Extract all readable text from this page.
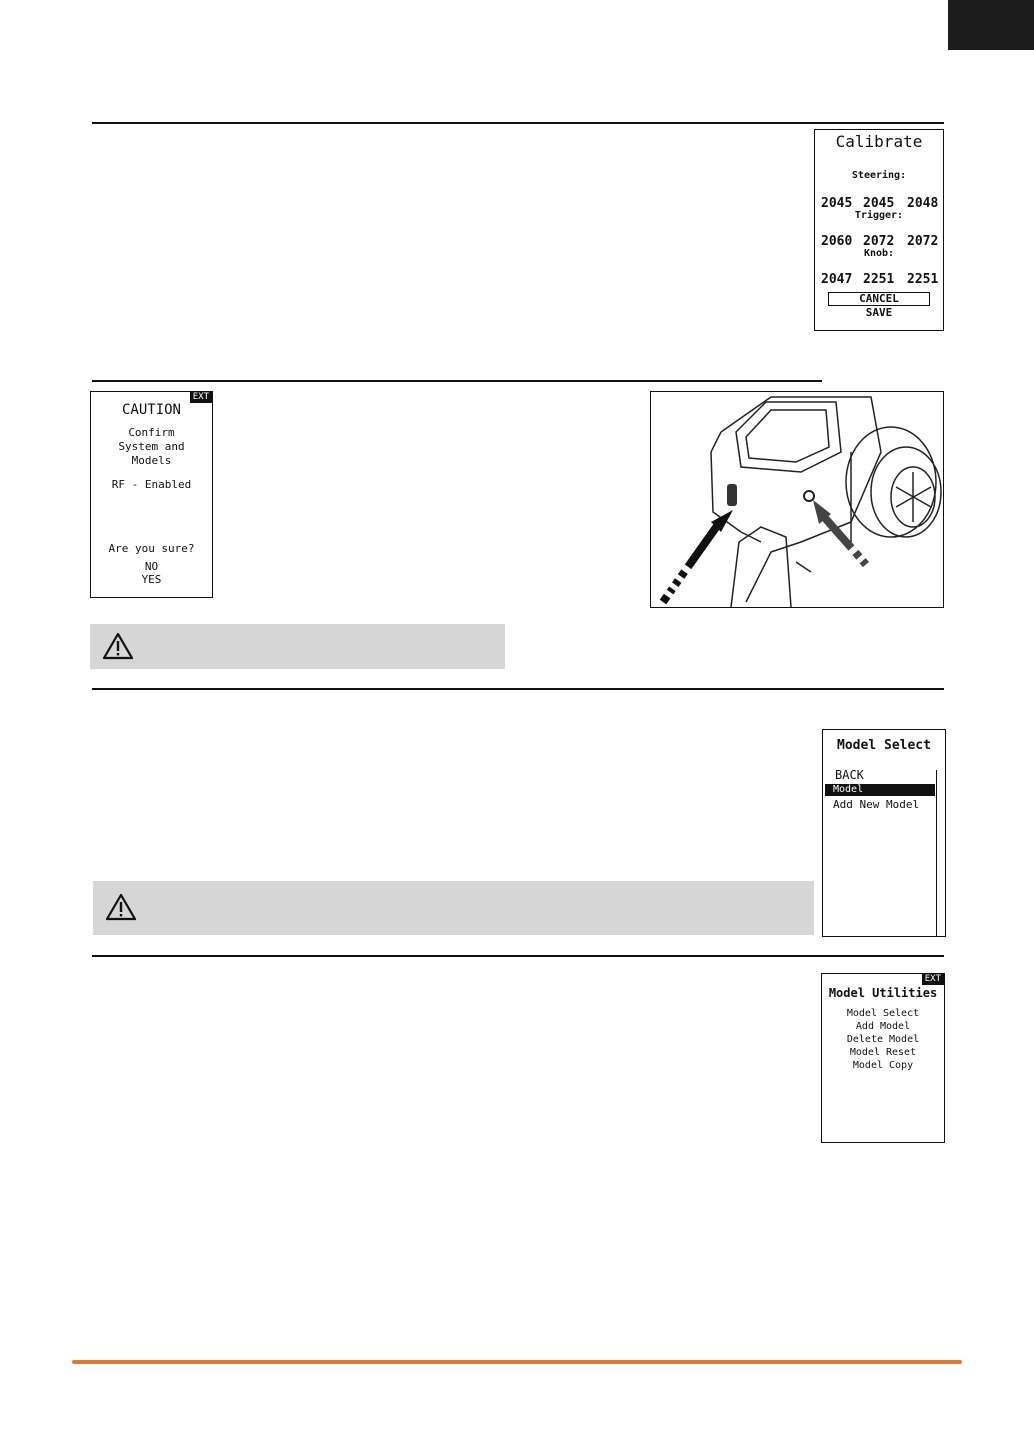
Calibrate
Steering:
2045 2045 2048
Trigger:
2060 2072 2072
Knob:
2047 2251 2251
CANCEL
SAVE
EXT
CAUTION
Confirm
System and
Models
RF - Enabled
Are you sure?
NO
YES
Model Select
BACK
Model
Add New Model
EXT
Model Utilities
Model Select
Add Model
Delete Model
Model Reset
Model Copy
